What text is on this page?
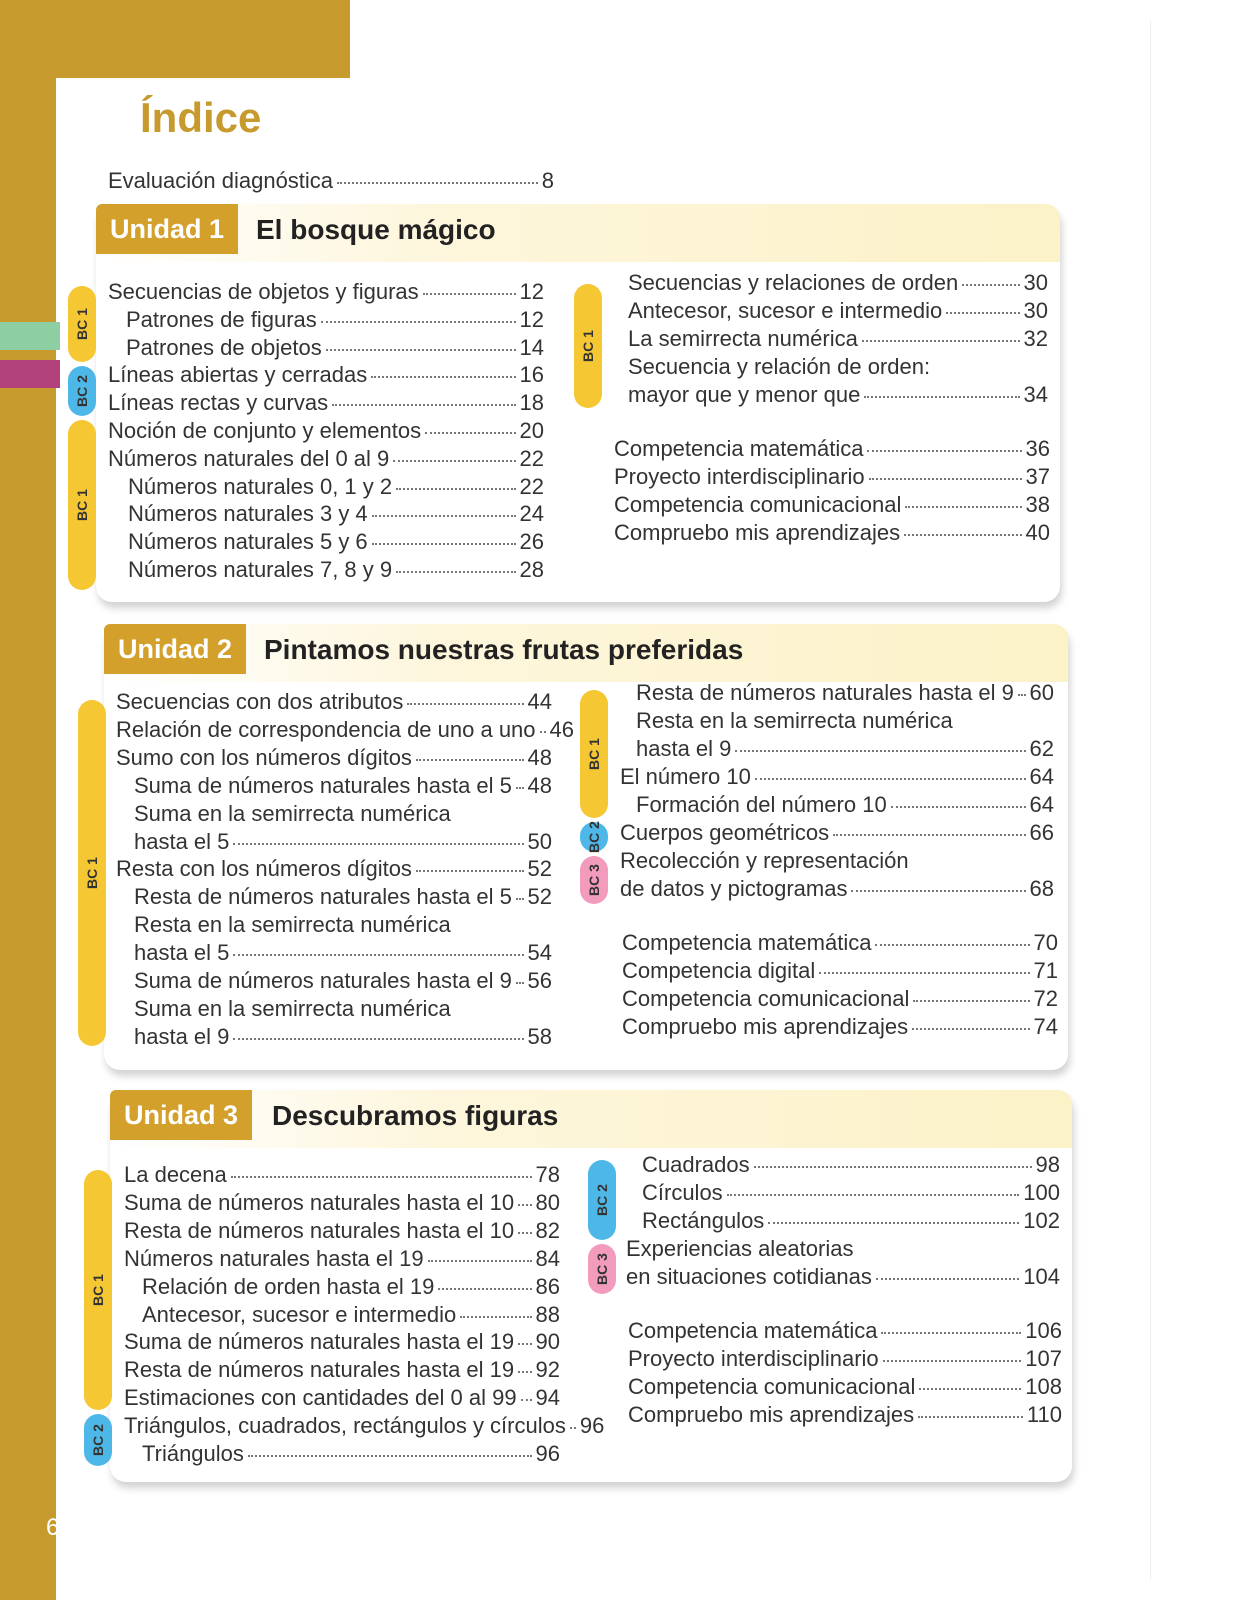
6
Índice
Evaluación diagnóstica	8
Unidad 1	El bosque mágico
Unidad 2	Pintamos nuestras frutas preferidas
Unidad 3	Descubramos figuras
BC 1
BC 2
BC 1
BC 1
BC 1
BC 1
BC 2
BC 3
BC 1
BC 2
BC 2
BC 3
Secuencias de objetos y figuras	12
Patrones de figuras	12
Patrones de objetos	14
Líneas abiertas y cerradas	16
Líneas rectas y curvas	18
Noción de conjunto y elementos	20
Números naturales del 0 al 9	22
Números naturales 0, 1 y 2	22
Números naturales 3 y 4	24
Números naturales 5 y 6	26
Números naturales 7, 8 y 9	28
Secuencias y relaciones de orden	30
Antecesor, sucesor e intermedio	30
La semirrecta numérica	32
Secuencia y relación de orden:
mayor que y menor que	34
Competencia matemática	36
Proyecto interdisciplinario	37
Competencia comunicacional	38
Compruebo mis aprendizajes	40
Secuencias con dos atributos	44
Relación de correspondencia de uno a uno 46
Sumo con los números dígitos	48
Suma de números naturales hasta el 5 48
Suma en la semirrecta numérica
hasta el 5	50
Resta con los números dígitos	52
Resta de números naturales hasta el 5 52
Resta en la semirrecta numérica
hasta el 5	54
Suma de números naturales hasta el 9 56
Suma en la semirrecta numérica
hasta el 9	58
Resta de números naturales hasta el 9 60
Resta en la semirrecta numérica
hasta el 9	62
El número 10	64
Formación del número 10	64
Cuerpos geométricos	66
Recolección y representación
de datos y pictogramas	68
Competencia matemática	70
Competencia digital	71
Competencia comunicacional	72
Compruebo mis aprendizajes	74
La decena	78
Suma de números naturales hasta el 10 80
Resta de números naturales hasta el 10 82
Números naturales hasta el 19	84
Relación de orden hasta el 19	86
Antecesor, sucesor e intermedio	88
Suma de números naturales hasta el 19 90
Resta de números naturales hasta el 19 92
Estimaciones con cantidades del 0 al 99 94
Triángulos, cuadrados, rectángulos y círculos 96
Triángulos	96
Cuadrados	98
Círculos	100
Rectángulos	102
Experiencias aleatorias
en situaciones cotidianas	104
Competencia matemática	106
Proyecto interdisciplinario	107
Competencia comunicacional	108
Compruebo mis aprendizajes	110
